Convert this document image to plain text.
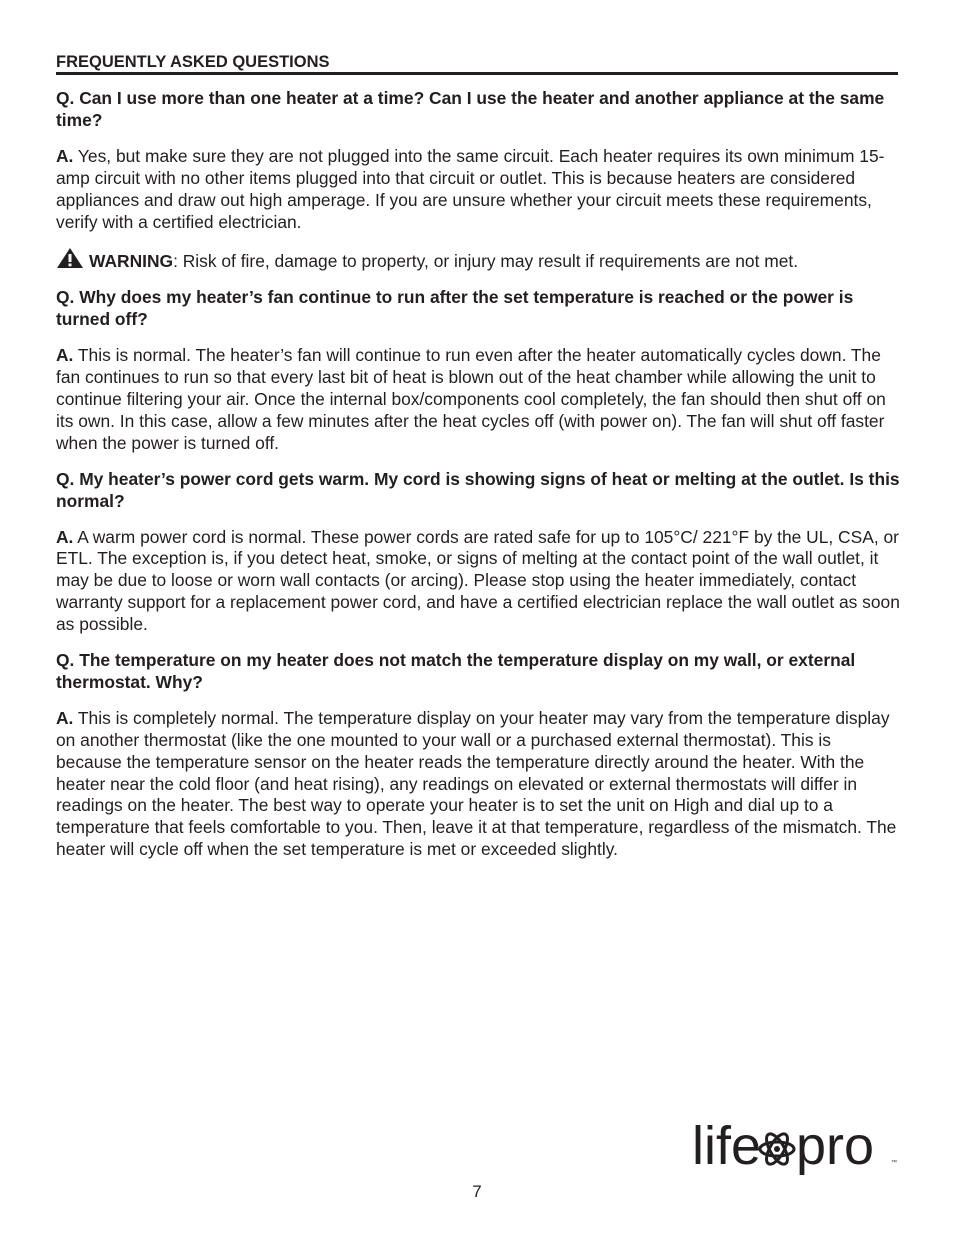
FREQUENTLY ASKED QUESTIONS

Q. Can I use more than one heater at a time? Can I use the heater and another appliance at the same time?

A. Yes, but make sure they are not plugged into the same circuit. Each heater requires its own minimum 15-amp circuit with no other items plugged into that circuit or outlet. This is because heaters are considered appliances and draw out high amperage. If you are unsure whether your circuit meets these requirements, verify with a certified electrician.

WARNING: Risk of fire, damage to property, or injury may result if requirements are not met.

Q. Why does my heater’s fan continue to run after the set temperature is reached or the power is turned off?

A. This is normal. The heater’s fan will continue to run even after the heater automatically cycles down. The fan continues to run so that every last bit of heat is blown out of the heat chamber while allowing the unit to continue filtering your air. Once the internal box/components cool completely, the fan should then shut off on its own. In this case, allow a few minutes after the heat cycles off (with power on). The fan will shut off faster when the power is turned off.

Q. My heater’s power cord gets warm. My cord is showing signs of heat or melting at the outlet. Is this normal?

A. A warm power cord is normal. These power cords are rated safe for up to 105°C/ 221°F by the UL, CSA, or ETL. The exception is, if you detect heat, smoke, or signs of melting at the contact point of the wall outlet, it may be due to loose or worn wall contacts (or arcing). Please stop using the heater immediately, contact warranty support for a replacement power cord, and have a certified electrician replace the wall outlet as soon as possible.

Q. The temperature on my heater does not match the temperature display on my wall, or external thermostat. Why?

A. This is completely normal. The temperature display on your heater may vary from the temperature display on another thermostat (like the one mounted to your wall or a purchased external thermostat). This is because the temperature sensor on the heater reads the temperature directly around the heater. With the heater near the cold floor (and heat rising), any readings on elevated or external thermostats will differ in readings on the heater. The best way to operate your heater is to set the unit on High and dial up to a temperature that feels comfortable to you. Then, leave it at that temperature, regardless of the mismatch. The heater will cycle off when the set temperature is met or exceeded slightly.

life pro	™
7
